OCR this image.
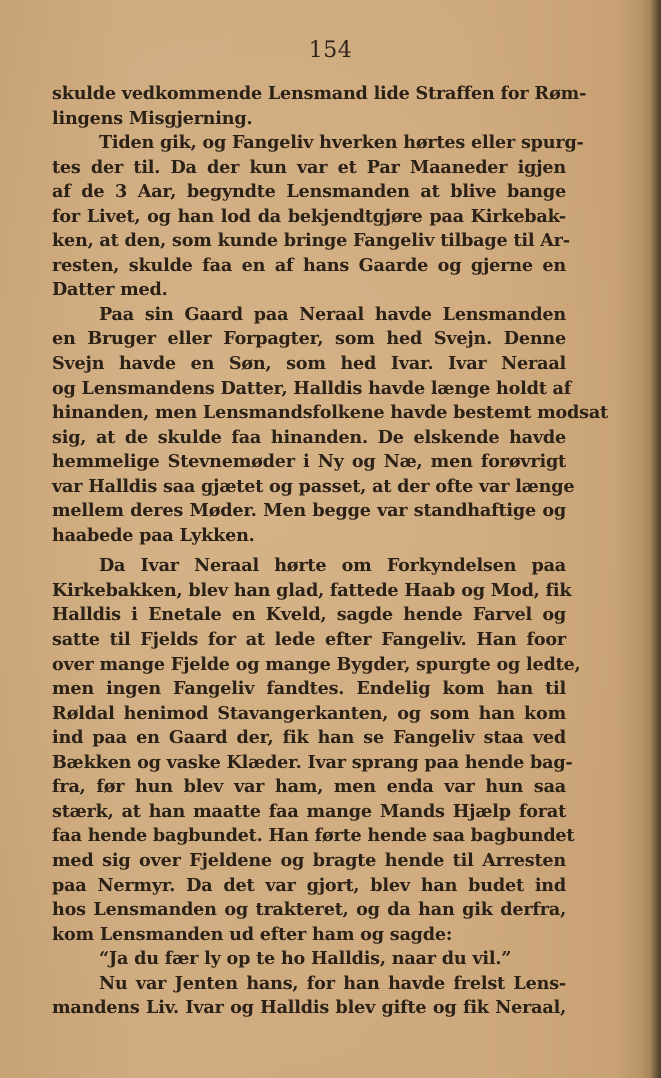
154
skulde vedkommende Lensmand lide Straffen for Røm-
lingens Misgjerning.
Tiden gik, og Fangeliv hverken hørtes eller spurg-
tes der til. Da der kun var et Par Maaneder igjen
af de 3 Aar, begyndte Lensmanden at blive bange
for Livet, og han lod da bekjendtgjøre paa Kirkebak-
ken, at den, som kunde bringe Fangeliv tilbage til Ar-
resten, skulde faa en af hans Gaarde og gjerne en
Datter med.
Paa sin Gaard paa Neraal havde Lensmanden
en Bruger eller Forpagter, som hed Svejn. Denne
Svejn havde en Søn, som hed Ivar. Ivar Neraal
og Lensmandens Datter, Halldis havde længe holdt af
hinanden, men Lensmandsfolkene havde bestemt modsat
sig, at de skulde faa hinanden. De elskende havde
hemmelige Stevnemøder i Ny og Næ, men forøvrigt
var Halldis saa gjætet og passet, at der ofte var længe
mellem deres Møder. Men begge var standhaftige og
haabede paa Lykken.
Da Ivar Neraal hørte om Forkyndelsen paa
Kirkebakken, blev han glad, fattede Haab og Mod, fik
Halldis i Enetale en Kveld, sagde hende Farvel og
satte til Fjelds for at lede efter Fangeliv. Han foor
over mange Fjelde og mange Bygder, spurgte og ledte,
men ingen Fangeliv fandtes. Endelig kom han til
Røldal henimod Stavangerkanten, og som han kom
ind paa en Gaard der, fik han se Fangeliv staa ved
Bækken og vaske Klæder. Ivar sprang paa hende bag-
fra, før hun blev var ham, men enda var hun saa
stærk, at han maatte faa mange Mands Hjælp forat
faa hende bagbundet. Han førte hende saa bagbundet
med sig over Fjeldene og bragte hende til Arresten
paa Nermyr. Da det var gjort, blev han budet ind
hos Lensmanden og trakteret, og da han gik derfra,
kom Lensmanden ud efter ham og sagde:
“Ja du fær ly op te ho Halldis, naar du vil.”
Nu var Jenten hans, for han havde frelst Lens-
mandens Liv. Ivar og Halldis blev gifte og fik Neraal,
